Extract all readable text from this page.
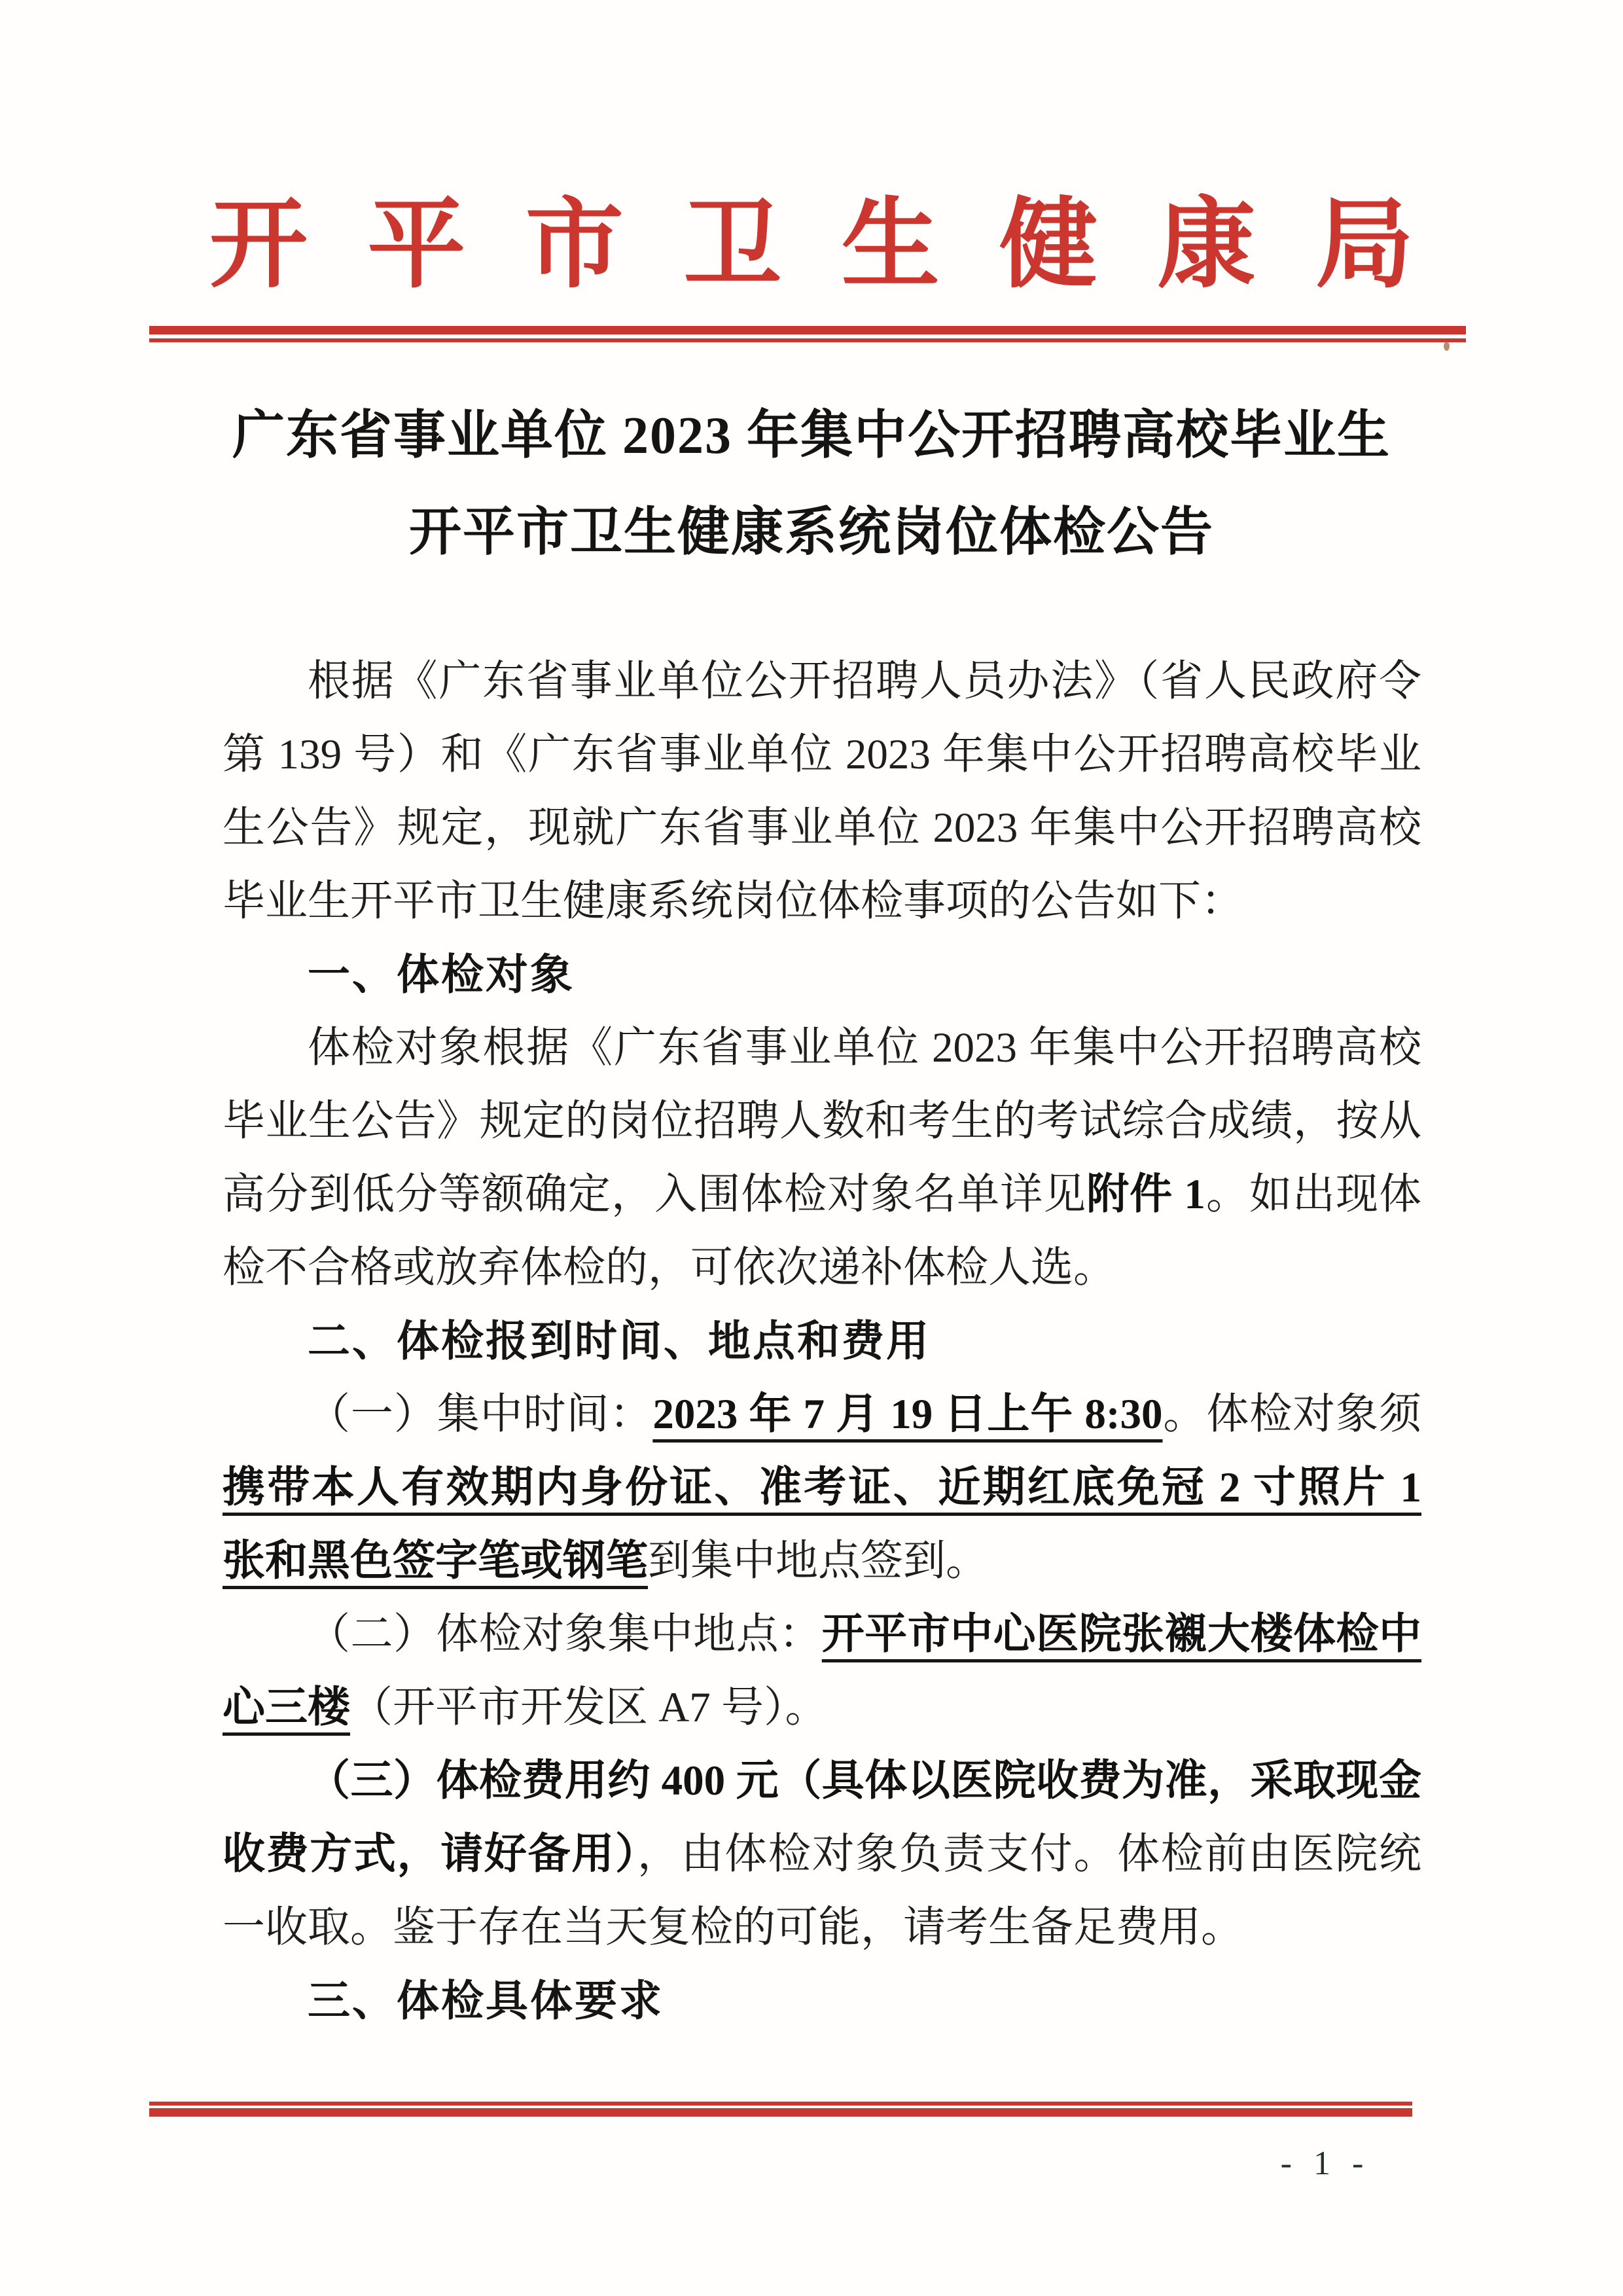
开 平 市 卫 生 健 康 局
广东省事业单位 2023 年集中公开招聘高校毕业生
开平市卫生健康系统岗位体检公告
根据《广东省事业单位公开招聘人员办法》（省人民政府令
第 139 号）和《广东省事业单位 2023 年集中公开招聘高校毕业
生公告》规定，现就广东省事业单位 2023 年集中公开招聘高校
毕业生开平市卫生健康系统岗位体检事项的公告如下：
一、体检对象
体检对象根据《广东省事业单位 2023 年集中公开招聘高校
毕业生公告》规定的岗位招聘人数和考生的考试综合成绩，按从
高分到低分等额确定，入围体检对象名单详见附件 1。如出现体
检不合格或放弃体检的，可依次递补体检人选。
二、体检报到时间、地点和费用
（一）集中时间：2023 年 7 月 19 日上午 8:30。体检对象须
携带本人有效期内身份证、准考证、近期红底免冠 2 寸照片 1
张和黑色签字笔或钢笔到集中地点签到。
（二）体检对象集中地点：开平市中心医院张襯大楼体检中
心三楼（开平市开发区 A7 号）。
（三）体检费用约 400 元（具体以医院收费为准，采取现金
收费方式，请好备用），由体检对象负责支付。体检前由医院统
一收取。鉴于存在当天复检的可能，请考生备足费用。
三、体检具体要求
- 1 -
